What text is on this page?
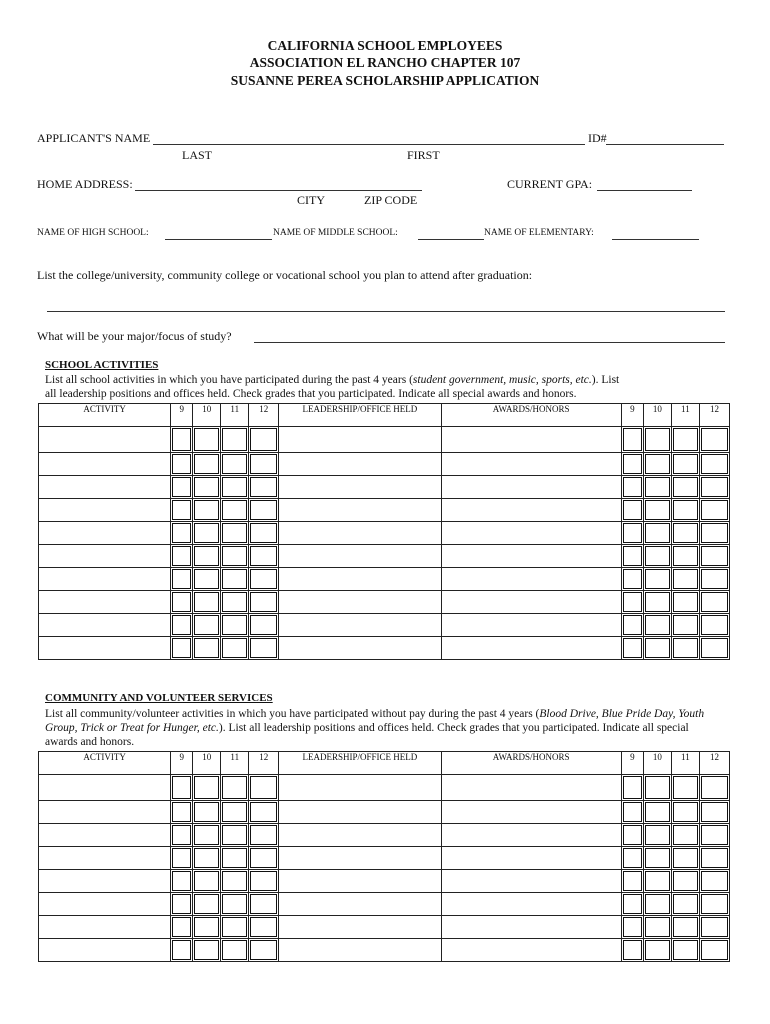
CALIFORNIA SCHOOL EMPLOYEES
ASSOCIATION EL RANCHO CHAPTER 107
SUSANNE PEREA SCHOLARSHIP APPLICATION
APPLICANT'S NAME	ID#
LAST	FIRST
HOME ADDRESS:	CURRENT GPA:
CITY	ZIP CODE
NAME OF HIGH SCHOOL:	NAME OF MIDDLE SCHOOL:	NAME OF ELEMENTARY:
List the college/university, community college or vocational school you plan to attend after graduation:
What will be your major/focus of study?
SCHOOL ACTIVITIES

List all school activities in which you have participated during the past 4 years (student government, music, sports, etc.). List

all leadership positions and offices held. Check grades that you participated. Indicate all special awards and honors.

ACTIVITY	9	10	11	12	LEADERSHIP/OFFICE HELD	AWARDS/HONORS	9	10	11	12

COMMUNITY AND VOLUNTEER SERVICES

List all community/volunteer activities in which you have participated without pay during the past 4 years (Blood Drive, Blue Pride Day, Youth Group, Trick or Treat for Hunger, etc.). List all leadership positions and offices held. Check grades that you participated. Indicate all special awards and honors.

ACTIVITY	9	10	11	12	LEADERSHIP/OFFICE HELD	AWARDS/HONORS	9	10	11	12
